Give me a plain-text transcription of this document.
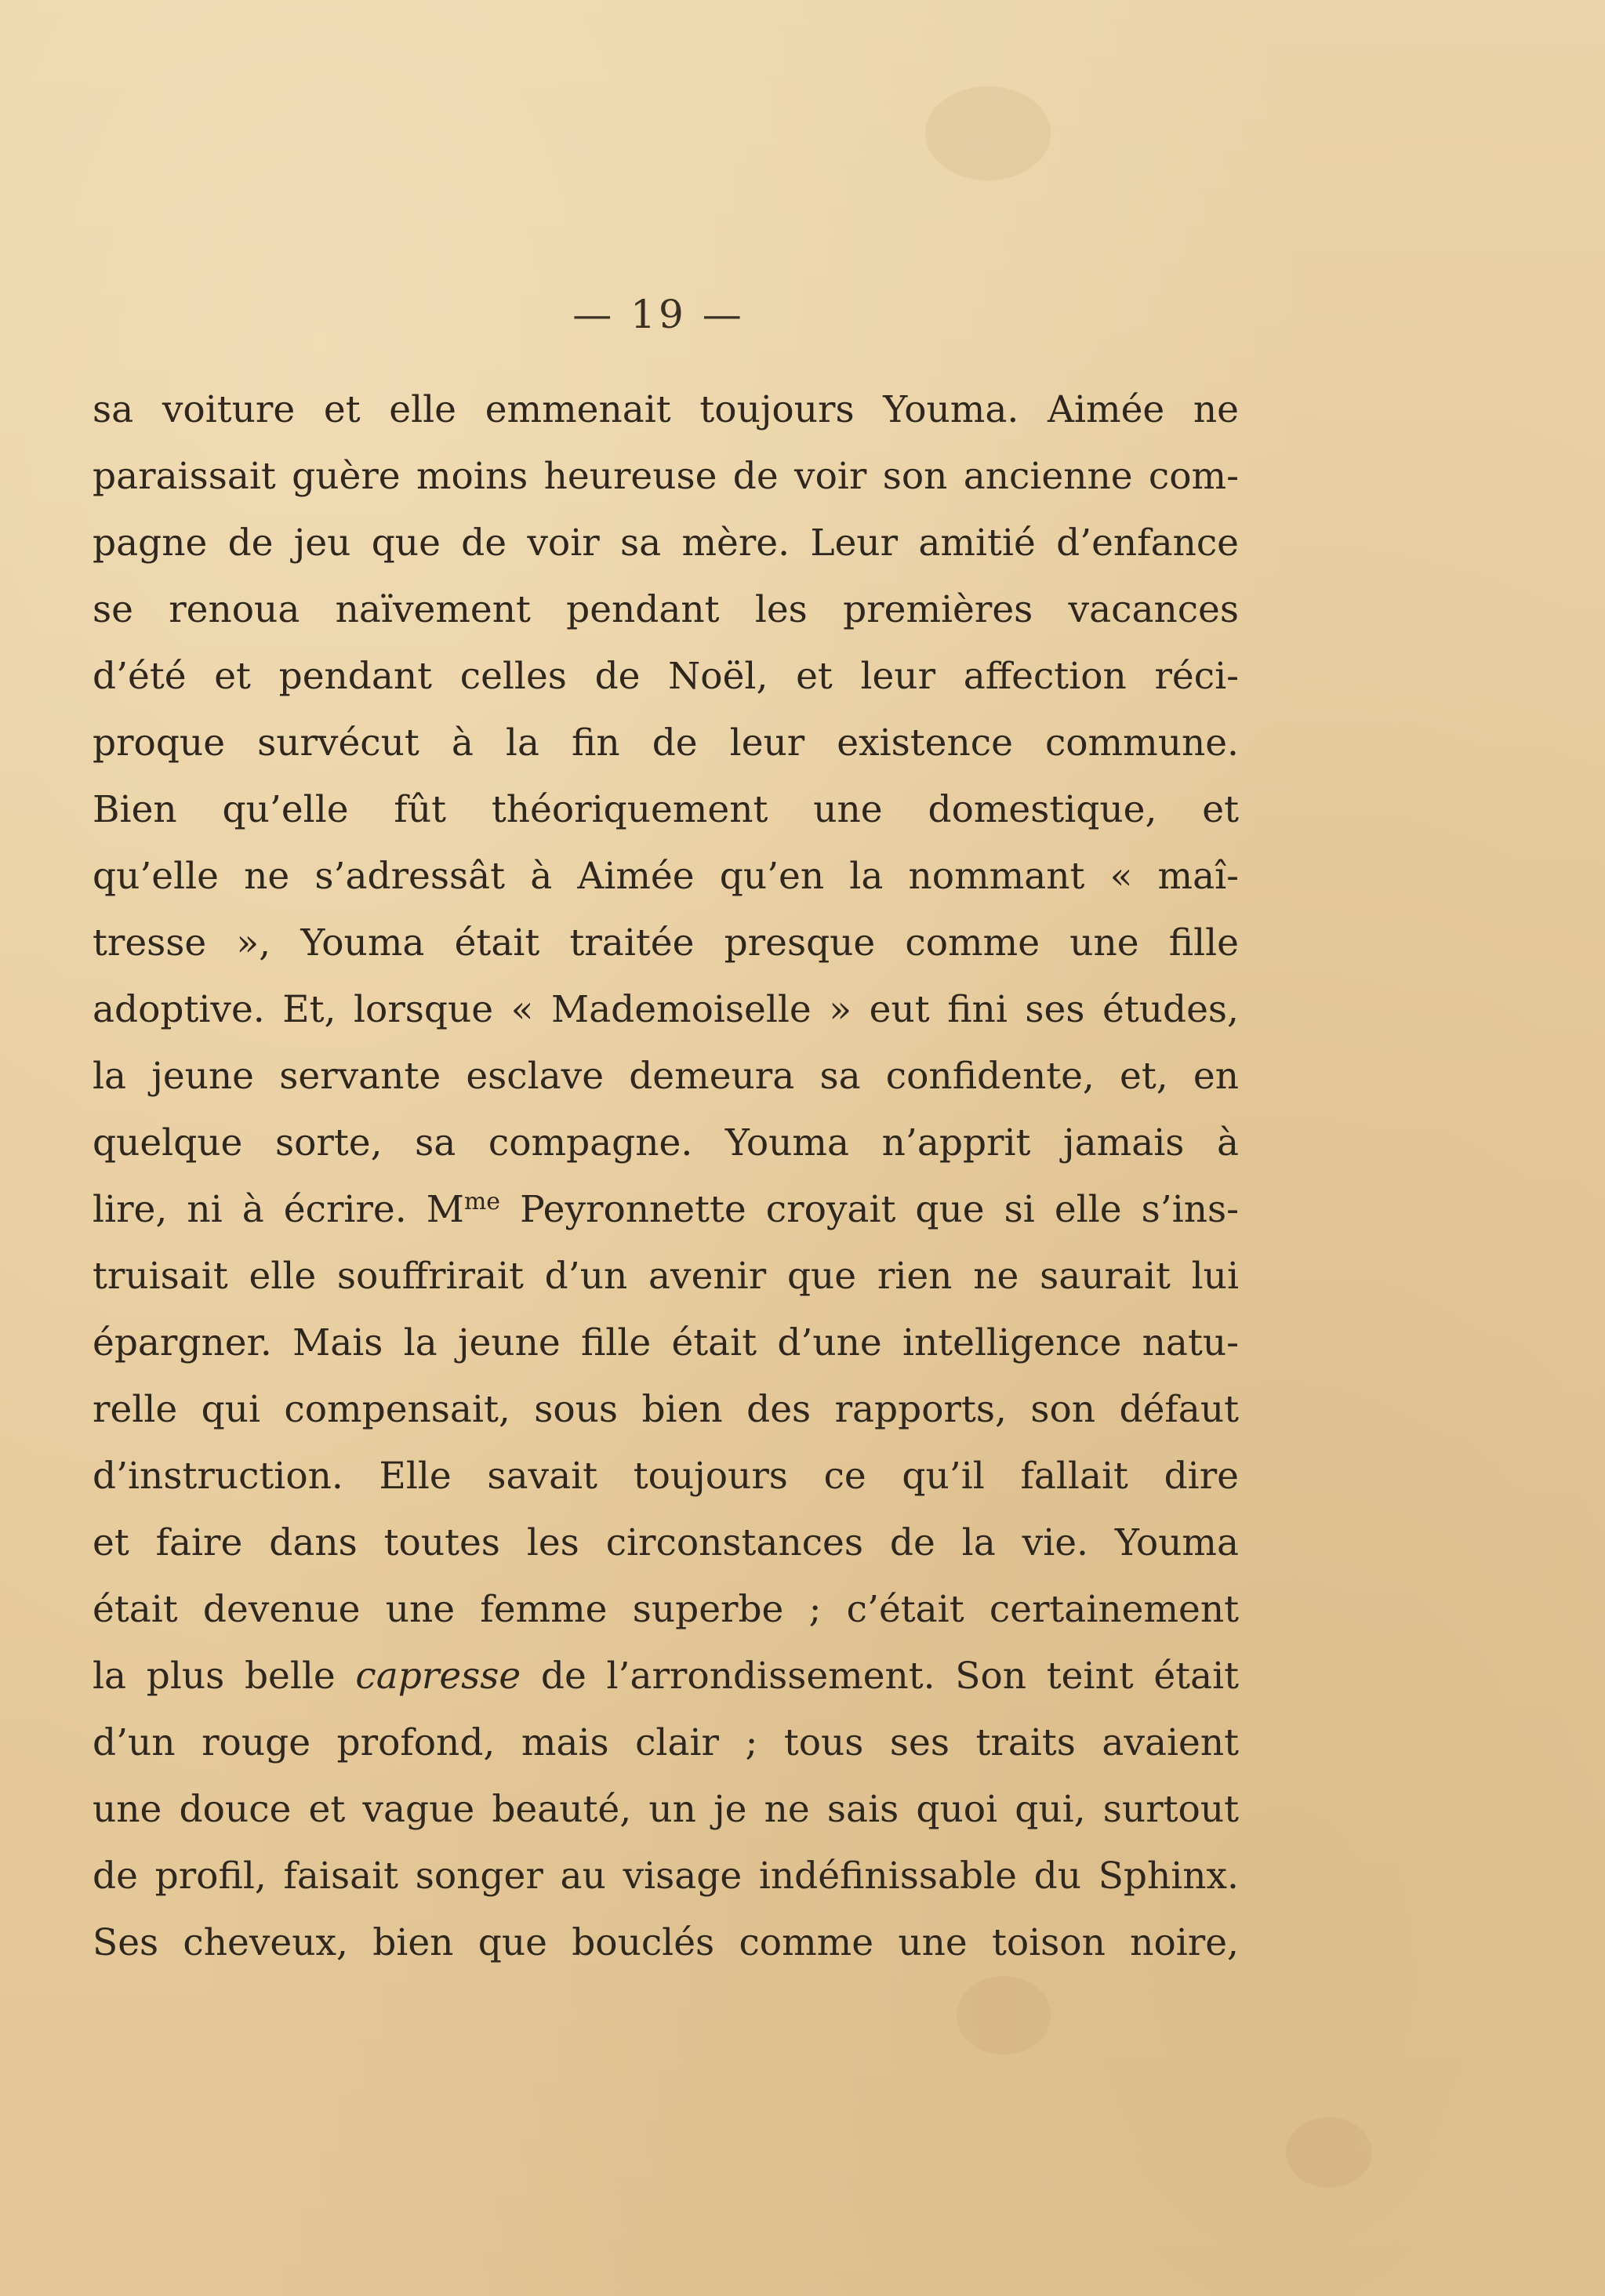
— 19 —
sa voiture et elle emmenait toujours Youma. Aimée ne
paraissait guère moins heureuse de voir son ancienne com-
pagne de jeu que de voir sa mère. Leur amitié d’enfance
se renoua naïvement pendant les premières vacances
d’été et pendant celles de Noël, et leur affection réci-
proque survécut à la fin de leur existence commune.
Bien qu’elle fût théoriquement une domestique, et
qu’elle ne s’adressât à Aimée qu’en la nommant « maî-
tresse », Youma était traitée presque comme une fille
adoptive. Et, lorsque « Mademoiselle » eut fini ses études,
la jeune servante esclave demeura sa confidente, et, en
quelque sorte, sa compagne. Youma n’apprit jamais à
lire, ni à écrire. $M^{me}$ Peyronnette croyait que si elle s’ins-
truisait elle souffrirait d’un avenir que rien ne saurait lui
épargner. Mais la jeune fille était d’une intelligence natu-
relle qui compensait, sous bien des rapports, son défaut
d’instruction. Elle savait toujours ce qu’il fallait dire
et faire dans toutes les circonstances de la vie. Youma
était devenue une femme superbe ; c’était certainement
la plus belle capresse de l’arrondissement. Son teint était
d’un rouge profond, mais clair ; tous ses traits avaient
une douce et vague beauté, un je ne sais quoi qui, surtout
de profil, faisait songer au visage indéfinissable du Sphinx.
Ses cheveux, bien que bouclés comme une toison noire,
